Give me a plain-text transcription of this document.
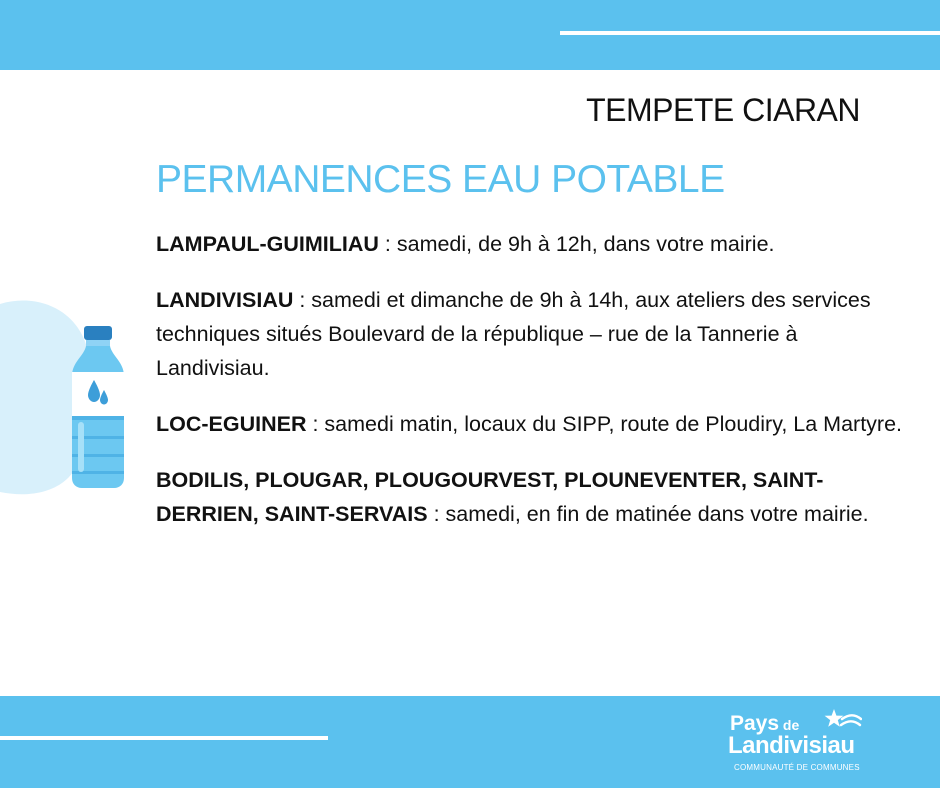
TEMPETE CIARAN
PERMANENCES EAU POTABLE

LAMPAUL-GUIMILIAU : samedi, de 9h à 12h, dans votre mairie.

LANDIVISIAU : samedi et dimanche de 9h à 14h, aux ateliers des services techniques situés Boulevard de la république – rue de la Tannerie à Landivisiau.

LOC-EGUINER : samedi matin, locaux du SIPP, route de Ploudiry, La Martyre.

BODILIS, PLOUGAR, PLOUGOURVEST, PLOUNEVENTER, SAINT-DERRIEN, SAINT-SERVAIS : samedi, en fin de matinée dans votre mairie.

Pays de
Landivisiau
COMMUNAUTÉ DE COMMUNES
